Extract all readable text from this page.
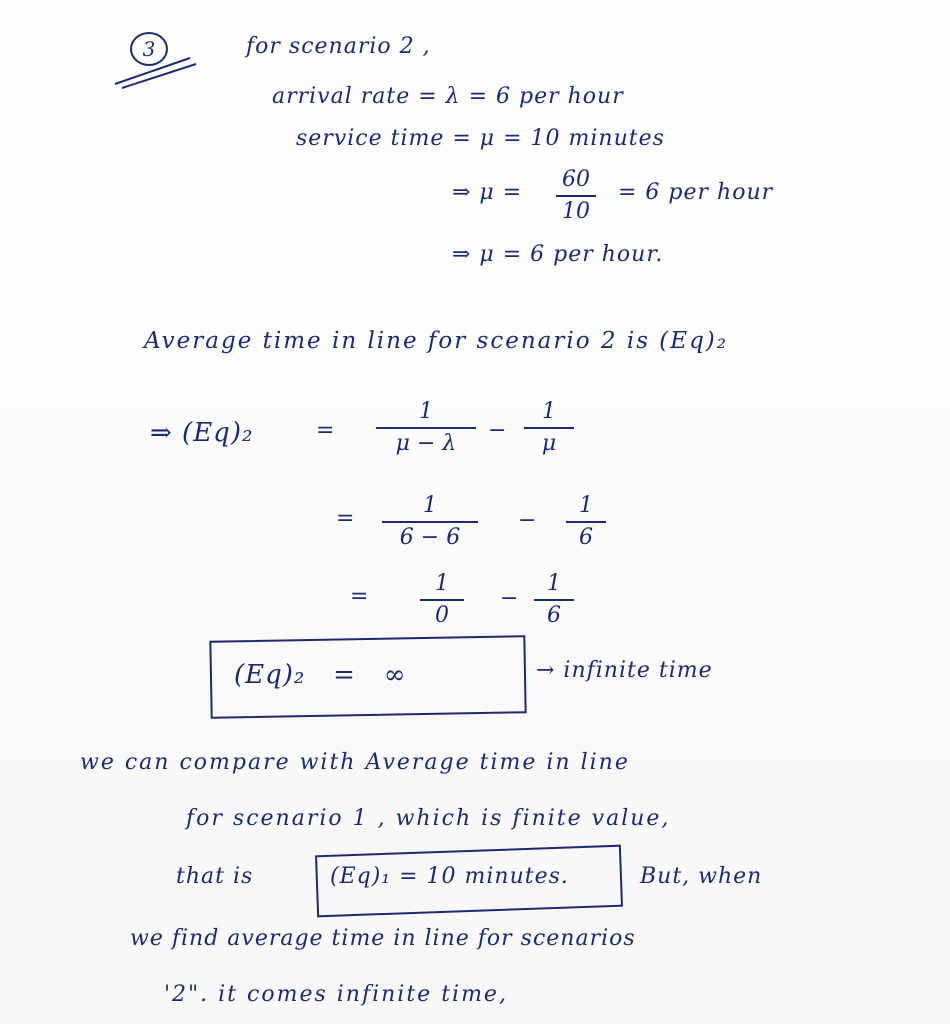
3	for scenario 2 ,
arrival rate = λ = 6 per hour
service time = μ = 10 minutes
⇒ μ =
60
10
= 6 per hour
⇒ μ = 6 per hour.
Average time in line for scenario 2 is (Eq)₂
⇒ (Eq)₂	=
1
μ − λ
−
1
μ
=
1
6 − 6
−
1
6
=
1
0
−
1
6
(Eq)₂   =   ∞	→ infinite time
we can compare with Average time in line
for scenario 1 , which is finite value,
that is	(Eq)₁ = 10 minutes.	But, when
we find average time in line for scenarios
'2". it comes infinite time,
